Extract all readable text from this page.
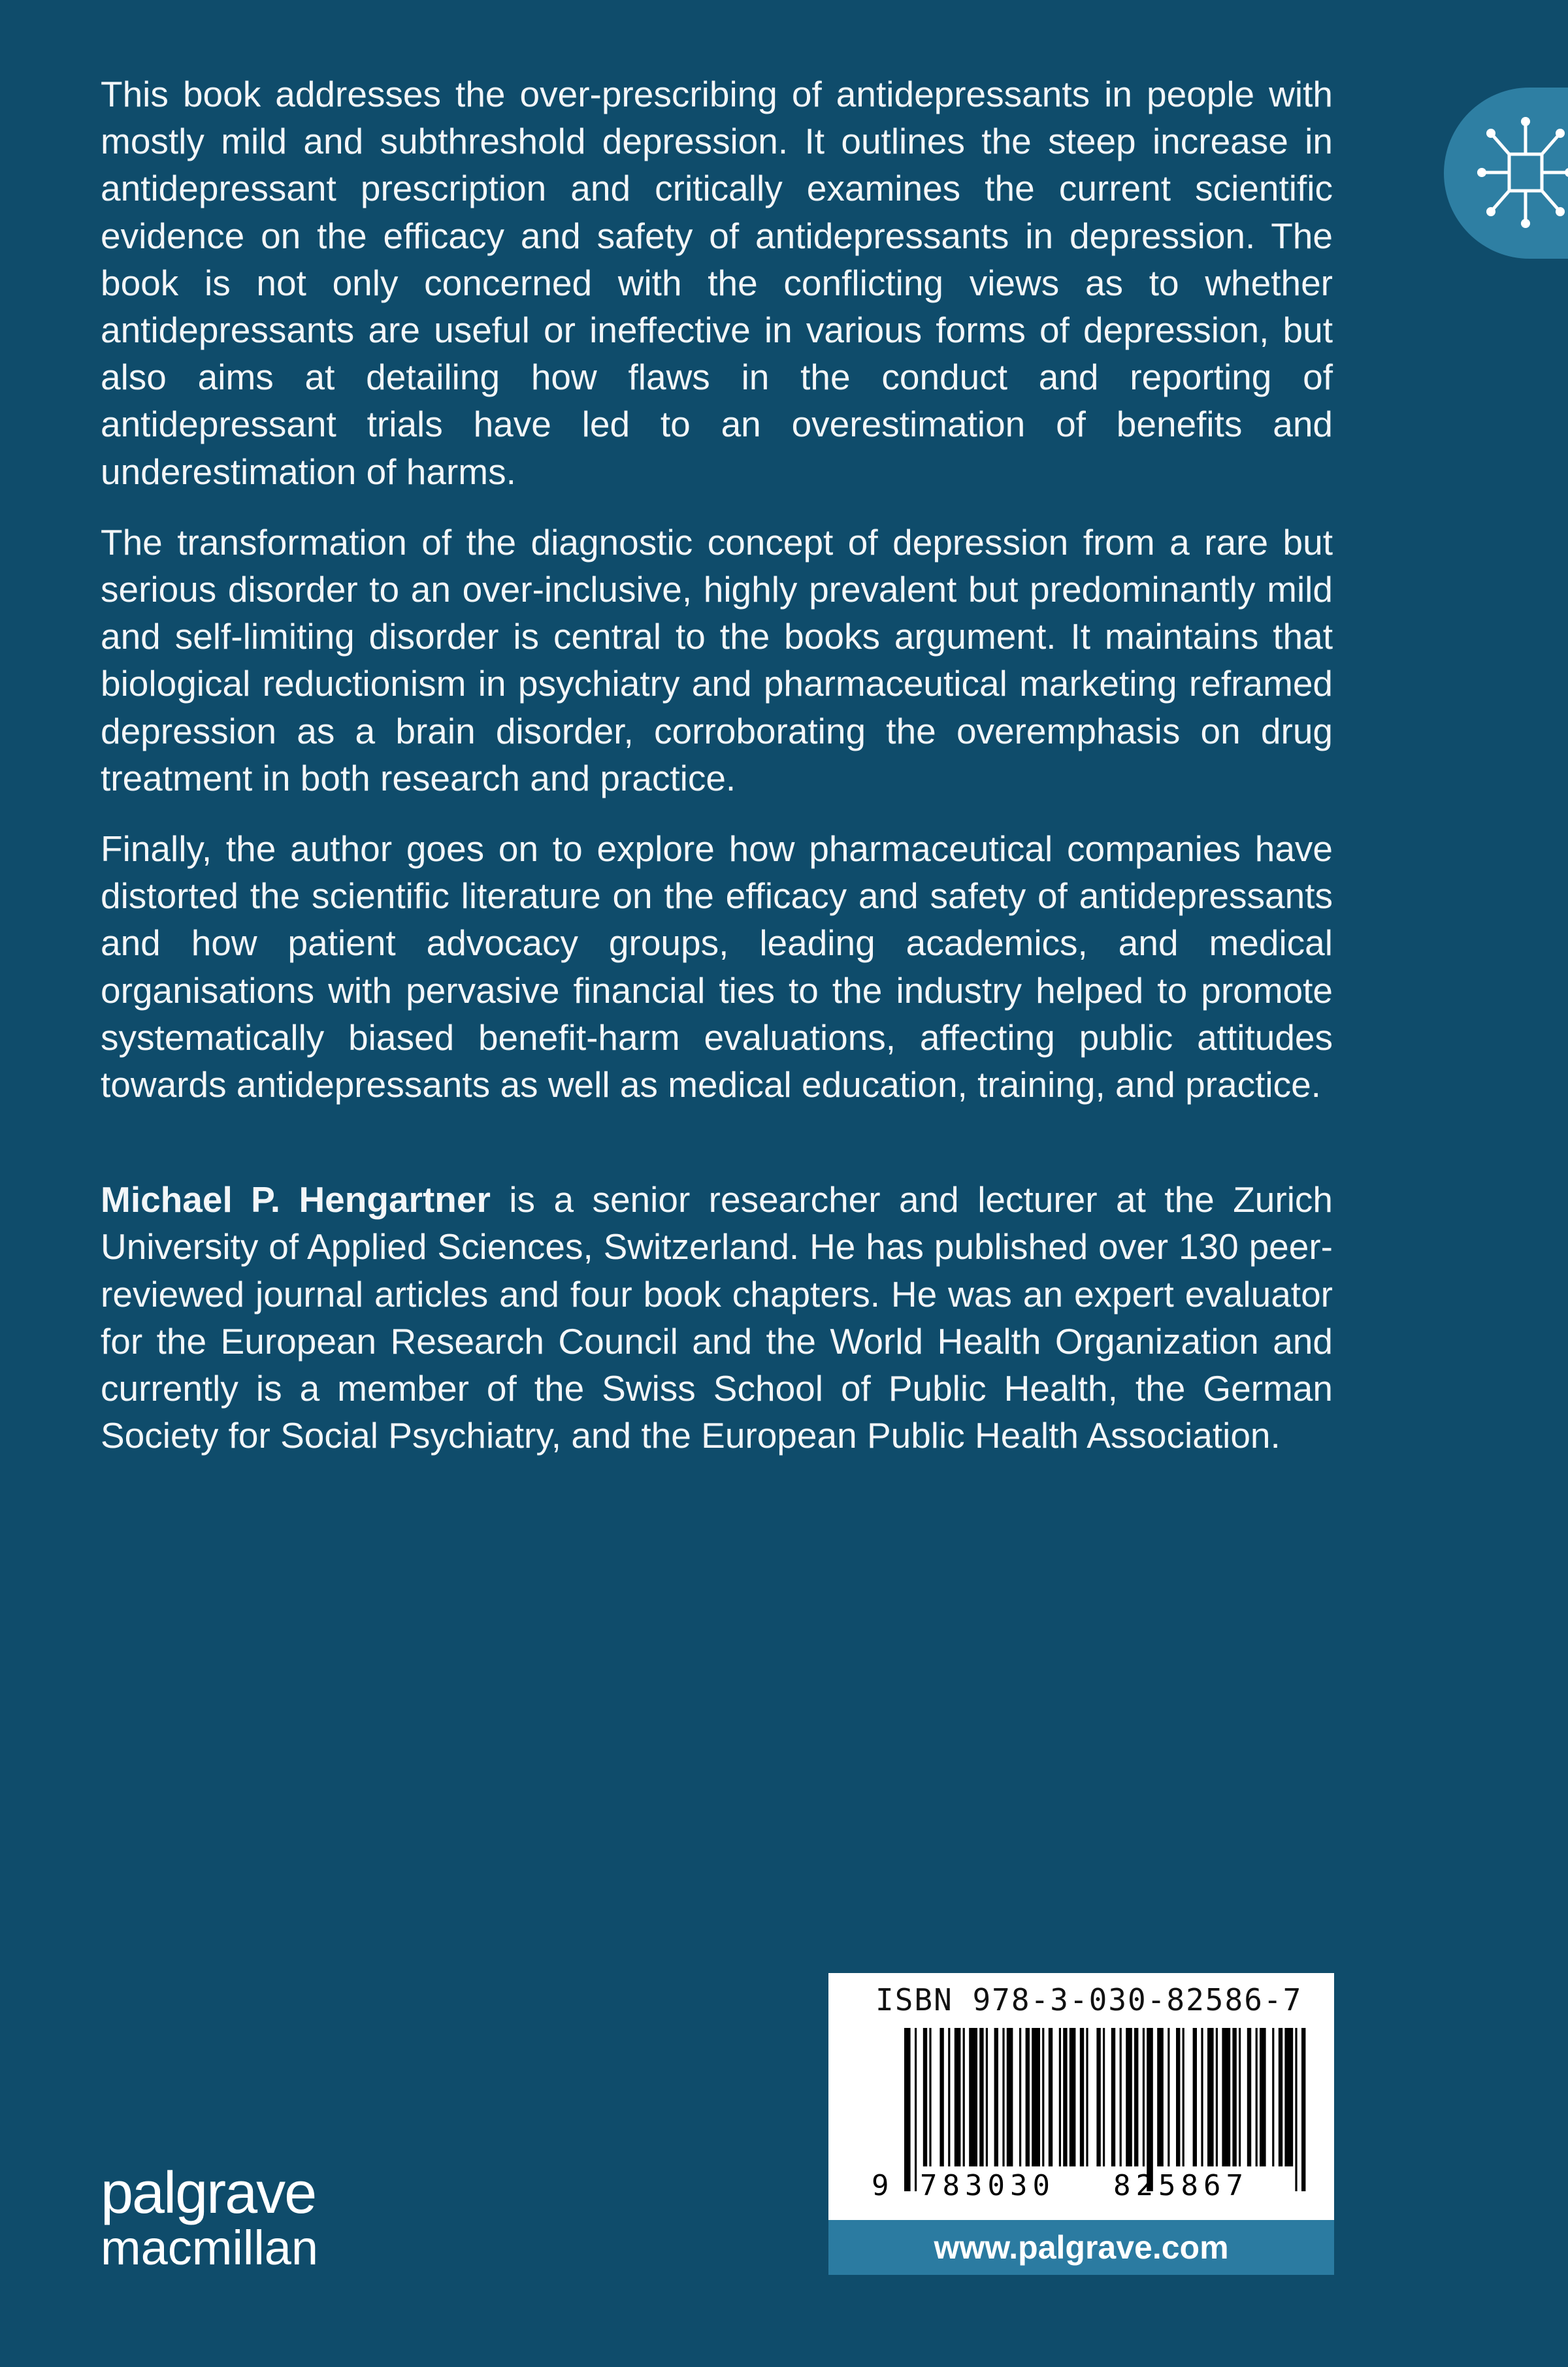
This book addresses the over-prescribing of antidepressants in people with mostly mild and subthreshold depression. It outlines the steep increase in antidepressant prescription and critically examines the current scientific evidence on the efficacy and safety of antidepressants in depression. The book is not only concerned with the conflicting views as to whether antidepressants are useful or ineffective in various forms of depression, but also aims at detailing how flaws in the conduct and reporting of antidepressant trials have led to an overestimation of benefits and underestimation of harms.

The transformation of the diagnostic concept of depression from a rare but serious disorder to an over-inclusive, highly prevalent but predominantly mild and self-limiting disorder is central to the books argument. It maintains that biological reductionism in psychiatry and pharmaceutical marketing reframed depression as a brain disorder, corroborating the overemphasis on drug treatment in both research and practice.

Finally, the author goes on to explore how pharmaceutical companies have distorted the scientific literature on the efficacy and safety of antidepressants and how patient advocacy groups, leading academics, and medical organisations with pervasive financial ties to the industry helped to promote systematically biased benefit-harm evaluations, affecting public attitudes towards antidepressants as well as medical education, training, and practice.

Michael P. Hengartner is a senior researcher and lecturer at the Zurich University of Applied Sciences, Switzerland. He has published over 130 peer-reviewed journal articles and four book chapters. He was an expert evaluator for the European Research Council and the World Health Organization and currently is a member of the Swiss School of Public Health, the German Society for Social Psychiatry, and the European Public Health Association.

palgrave
macmillan
ISBN 978-3-030-82586-7
9 783030 825867
www.palgrave.com
